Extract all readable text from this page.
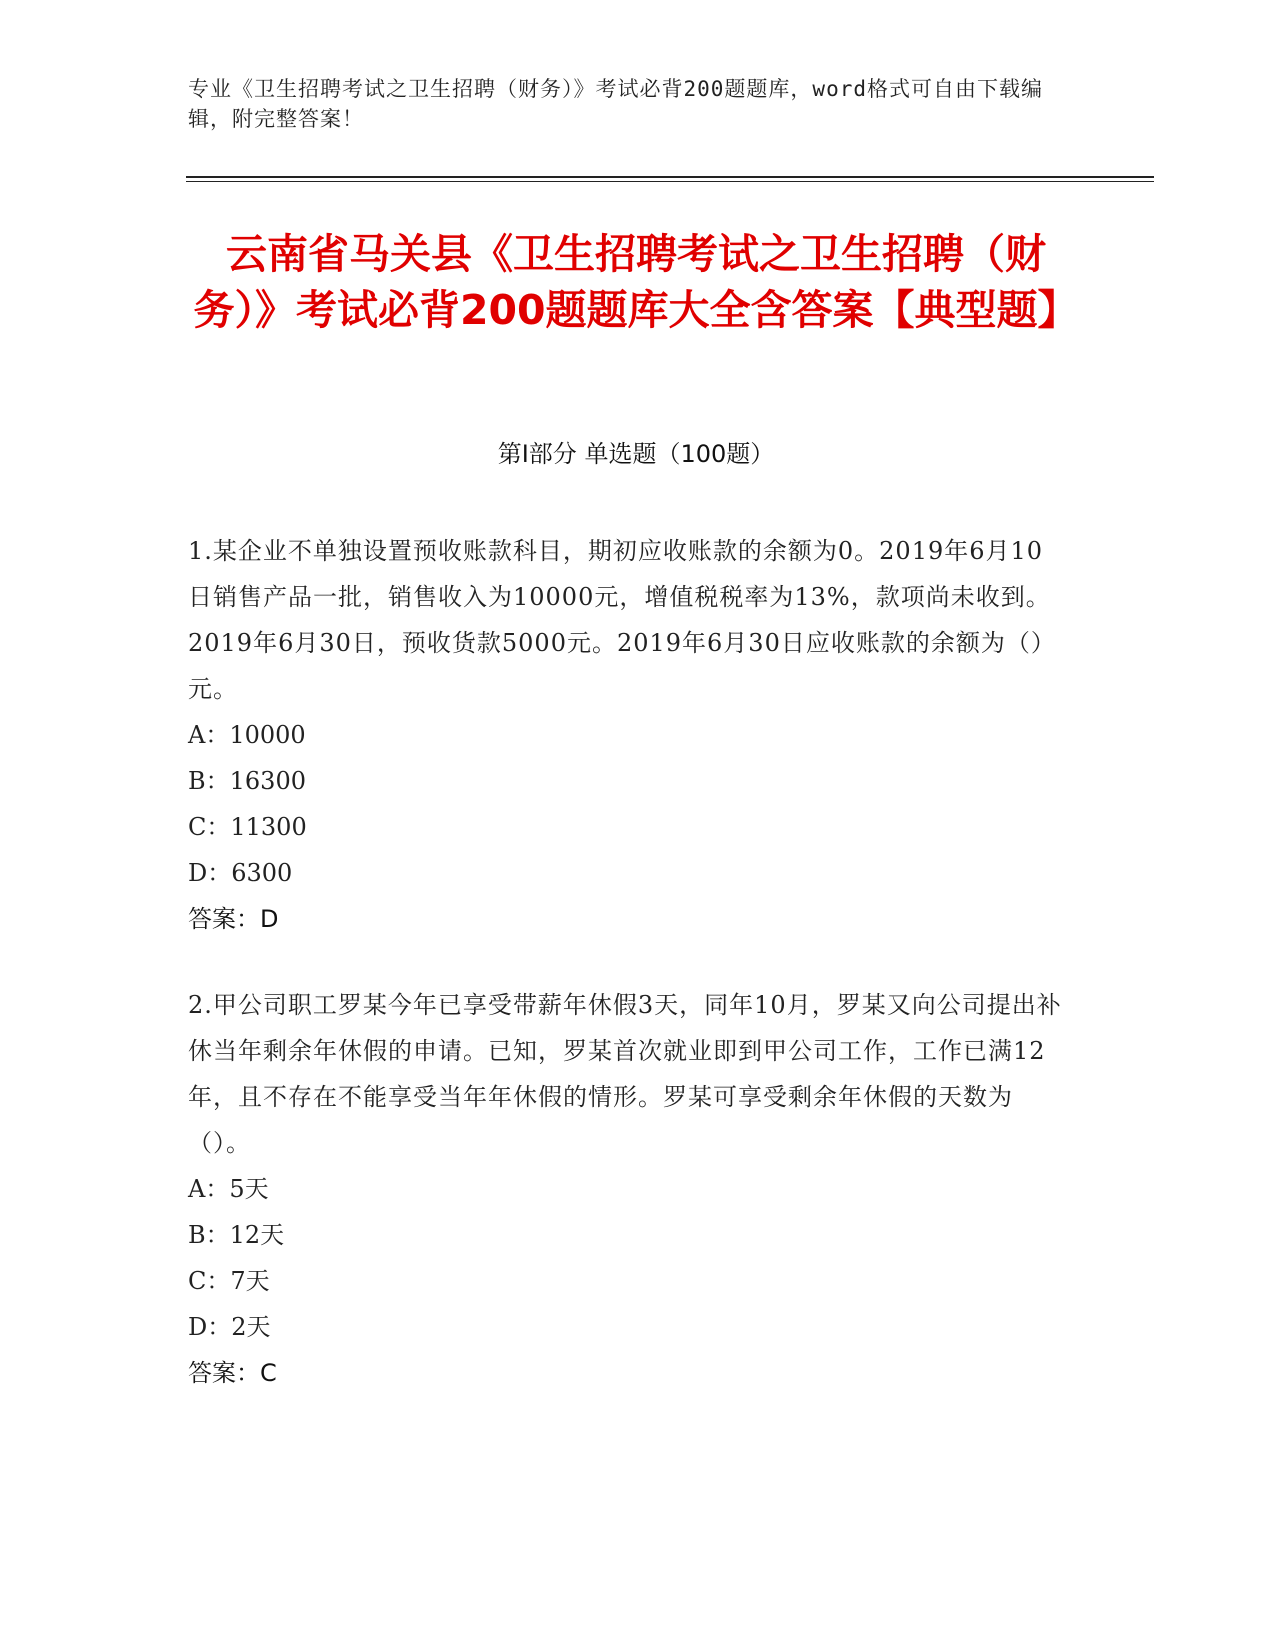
专业《卫生招聘考试之卫生招聘（财务）》考试必背200题题库，word格式可自由下载编辑，附完整答案！
云南省马关县《卫生招聘考试之卫生招聘（财务）》考试必背200题题库大全含答案【典型题】
第Ⅰ部分 单选题（100题）
1.某企业不单独设置预收账款科目，期初应收账款的余额为0。2019年6月10日销售产品一批，销售收入为10000元，增值税税率为13%，款项尚未收到。2019年6月30日，预收货款5000元。2019年6月30日应收账款的余额为（）元。
A：10000
B：16300
C：11300
D：6300
答案：D
2.甲公司职工罗某今年已享受带薪年休假3天，同年10月，罗某又向公司提出补休当年剩余年休假的申请。已知，罗某首次就业即到甲公司工作，工作已满12年，且不存在不能享受当年年休假的情形。罗某可享受剩余年休假的天数为（）。
A：5天
B：12天
C：7天
D：2天
答案：C
